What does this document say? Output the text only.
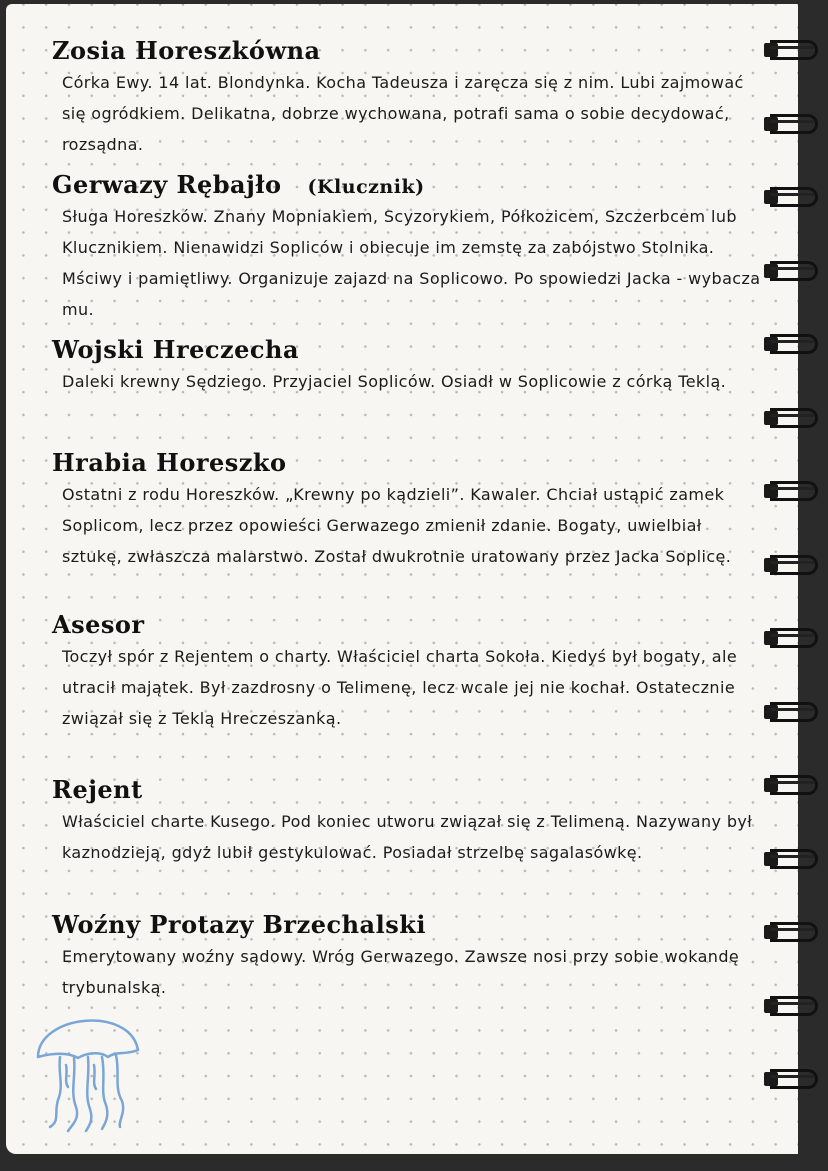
Zosia Horeszkówna
Córka Ewy. 14 lat. Blondynka. Kocha Tadeusza i zaręcza się z nim. Lubi zajmować się ogródkiem. Delikatna, dobrze wychowana, potrafi sama o sobie decydować, rozsądna.
Gerwazy Rębajło (Klucznik)
Sługa Horeszków. Znany Mopniakiem, Scyzorykiem, Półkozicem, Szczerbcem lub Klucznikiem. Nienawidzi Sopliców i obiecuje im zemstę za zabójstwo Stolnika. Mściwy i pamiętliwy. Organizuje zajazd na Soplicowo. Po spowiedzi Jacka - wybacza mu.
Wojski Hreczecha
Daleki krewny Sędziego. Przyjaciel Sopliców. Osiadł w Soplicowie z córką Teklą.
Hrabia Horeszko
Ostatni z rodu Horeszków. „Krewny po kądzieli”. Kawaler. Chciał ustąpić zamek Soplicom, lecz przez opowieści Gerwazego zmienił zdanie. Bogaty, uwielbiał sztukę, zwłaszcza malarstwo. Został dwukrotnie uratowany przez Jacka Soplicę.
Asesor
Toczył spór z Rejentem o charty. Właściciel charta Sokoła. Kiedyś był bogaty, ale utracił majątek. Był zazdrosny o Telimenę, lecz wcale jej nie kochał. Ostatecznie związał się z Teklą Hreczeszanką.
Rejent
Właściciel charte Kusego. Pod koniec utworu związał się z Telimeną. Nazywany był kaznodzieją, gdyż lubił gestykulować. Posiadał strzelbę sagalasówkę.
Woźny Protazy Brzechalski
Emerytowany woźny sądowy. Wróg Gerwazego. Zawsze nosi przy sobie wokandę trybunalską.
